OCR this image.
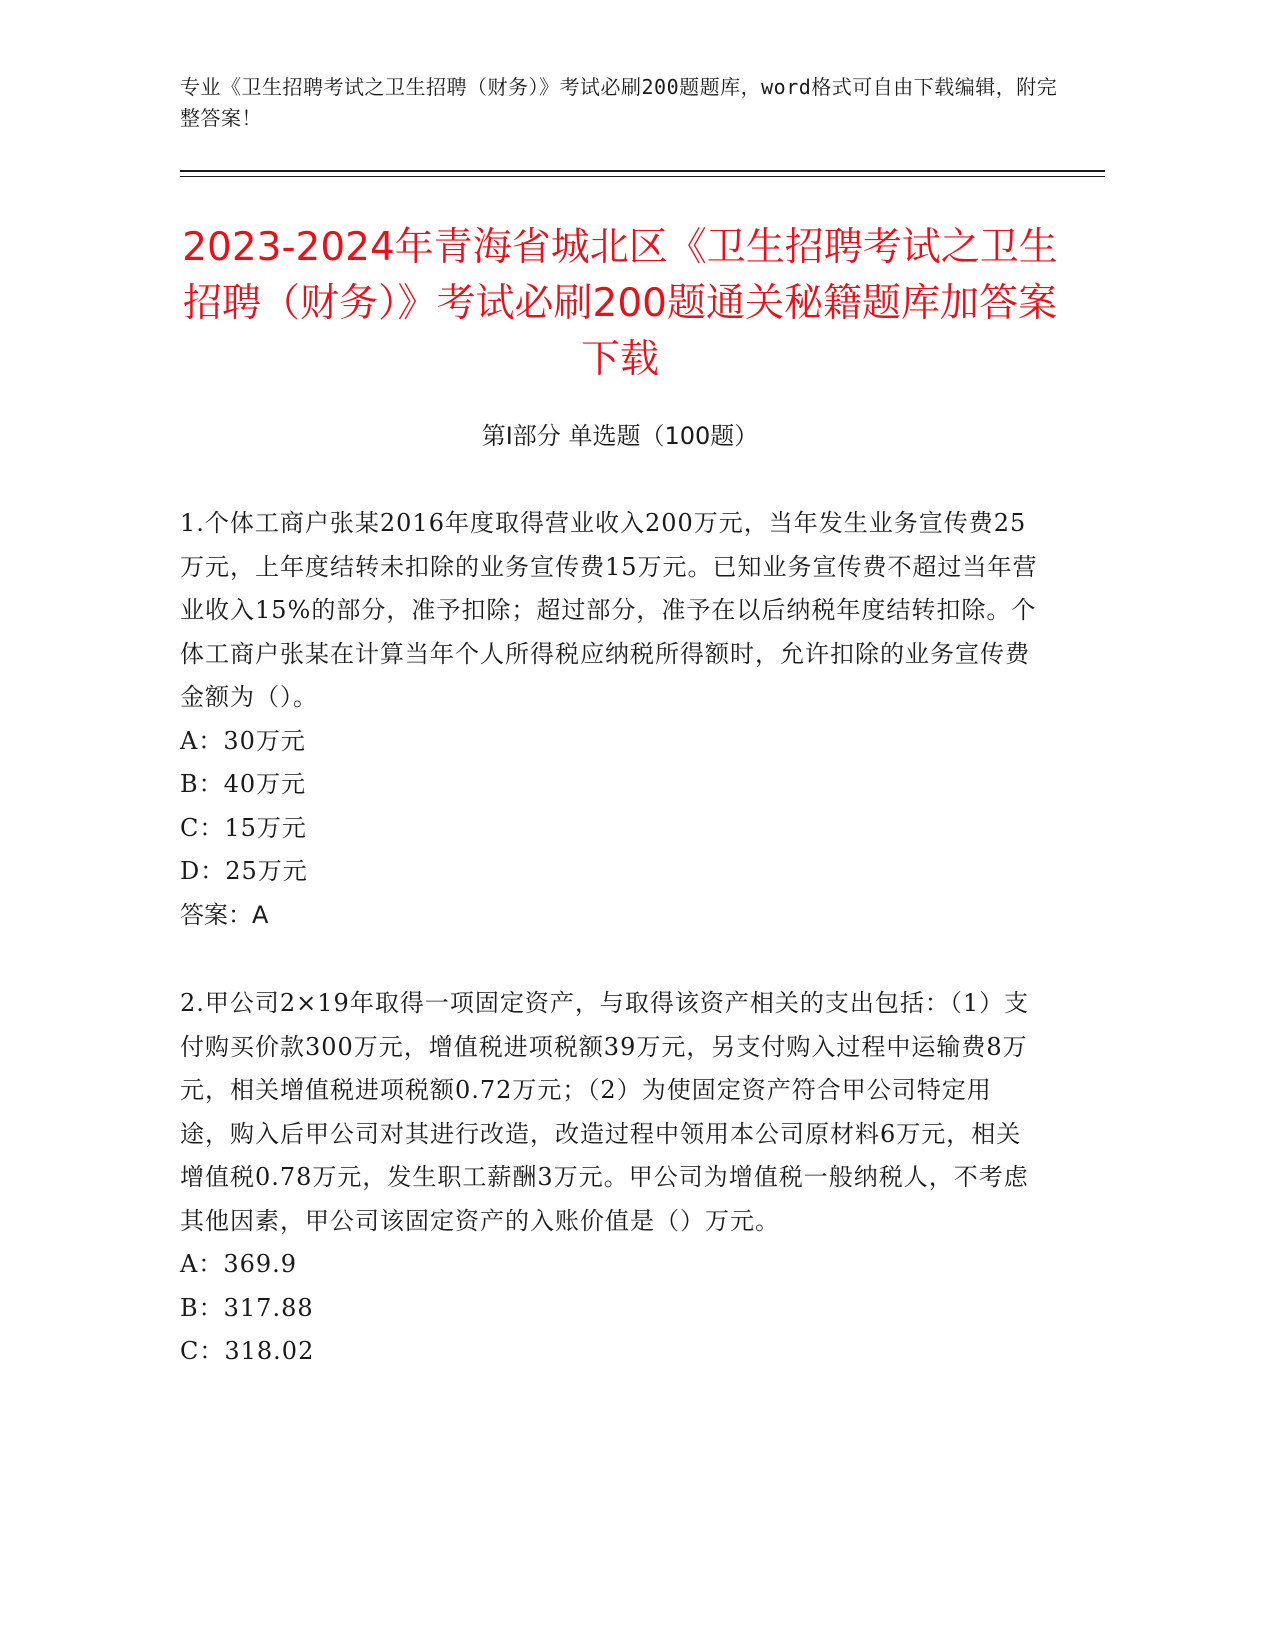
专业《卫生招聘考试之卫生招聘（财务）》考试必刷200题题库，word格式可自由下载编辑，附完整答案！
2023-2024年青海省城北区《卫生招聘考试之卫生招聘（财务）》考试必刷200题通关秘籍题库加答案下载
第Ⅰ部分 单选题（100题）
1.个体工商户张某2016年度取得营业收入200万元，当年发生业务宣传费25万元，上年度结转未扣除的业务宣传费15万元。已知业务宣传费不超过当年营业收入15%的部分，准予扣除；超过部分，准予在以后纳税年度结转扣除。个体工商户张某在计算当年个人所得税应纳税所得额时，允许扣除的业务宣传费金额为（）。
A：30万元
B：40万元
C：15万元
D：25万元
答案：A
2.甲公司2×19年取得一项固定资产，与取得该资产相关的支出包括：（1）支付购买价款300万元，增值税进项税额39万元，另支付购入过程中运输费8万元，相关增值税进项税额0.72万元；（2）为使固定资产符合甲公司特定用途，购入后甲公司对其进行改造，改造过程中领用本公司原材料6万元，相关增值税0.78万元，发生职工薪酬3万元。甲公司为增值税一般纳税人，不考虑其他因素，甲公司该固定资产的入账价值是（）万元。
A：369.9
B：317.88
C：318.02
